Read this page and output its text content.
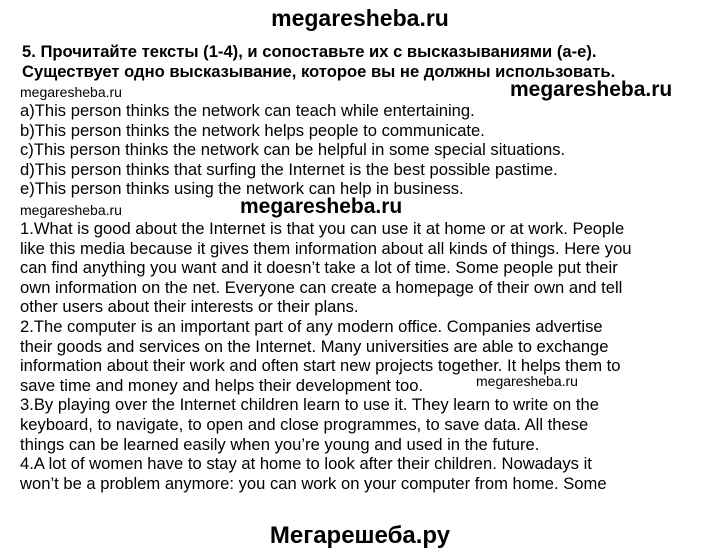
megaresheba.ru
5. Прочитайте тексты (1-4), и сопоставьте их с высказываниями (а-е).
Существует одно высказывание, которое вы не должны использовать.
megaresheba.ru	megaresheba.ru
megaresheba.ru	megaresheba.ru
megaresheba.ru
a)This person thinks the network can teach while entertaining.
b)This person thinks the network helps people to communicate.
c)This person thinks the network can be helpful in some special situations.
d)This person thinks that surfing the Internet is the best possible pastime.
e)This person thinks using the network can help in business.
1.What is good about the Internet is that you can use it at home or at work. People
like this media because it gives them information about all kinds of things. Here you
can find anything you want and it doesn’t take a lot of time. Some people put their
own information on the net. Everyone can create a homepage of their own and tell
other users about their interests or their plans.
2.The computer is an important part of any modern office. Companies advertise
their goods and services on the Internet. Many universities are able to exchange
information about their work and often start new projects together. It helps them to
save time and money and helps their development too.
3.By playing over the Internet children learn to use it. They learn to write on the
keyboard, to navigate, to open and close programmes, to save data. All these
things can be learned easily when you’re young and used in the future.
4.A lot of women have to stay at home to look after their children. Nowadays it
won’t be a problem anymore: you can work on your computer from home. Some
Мегарешеба.ру
